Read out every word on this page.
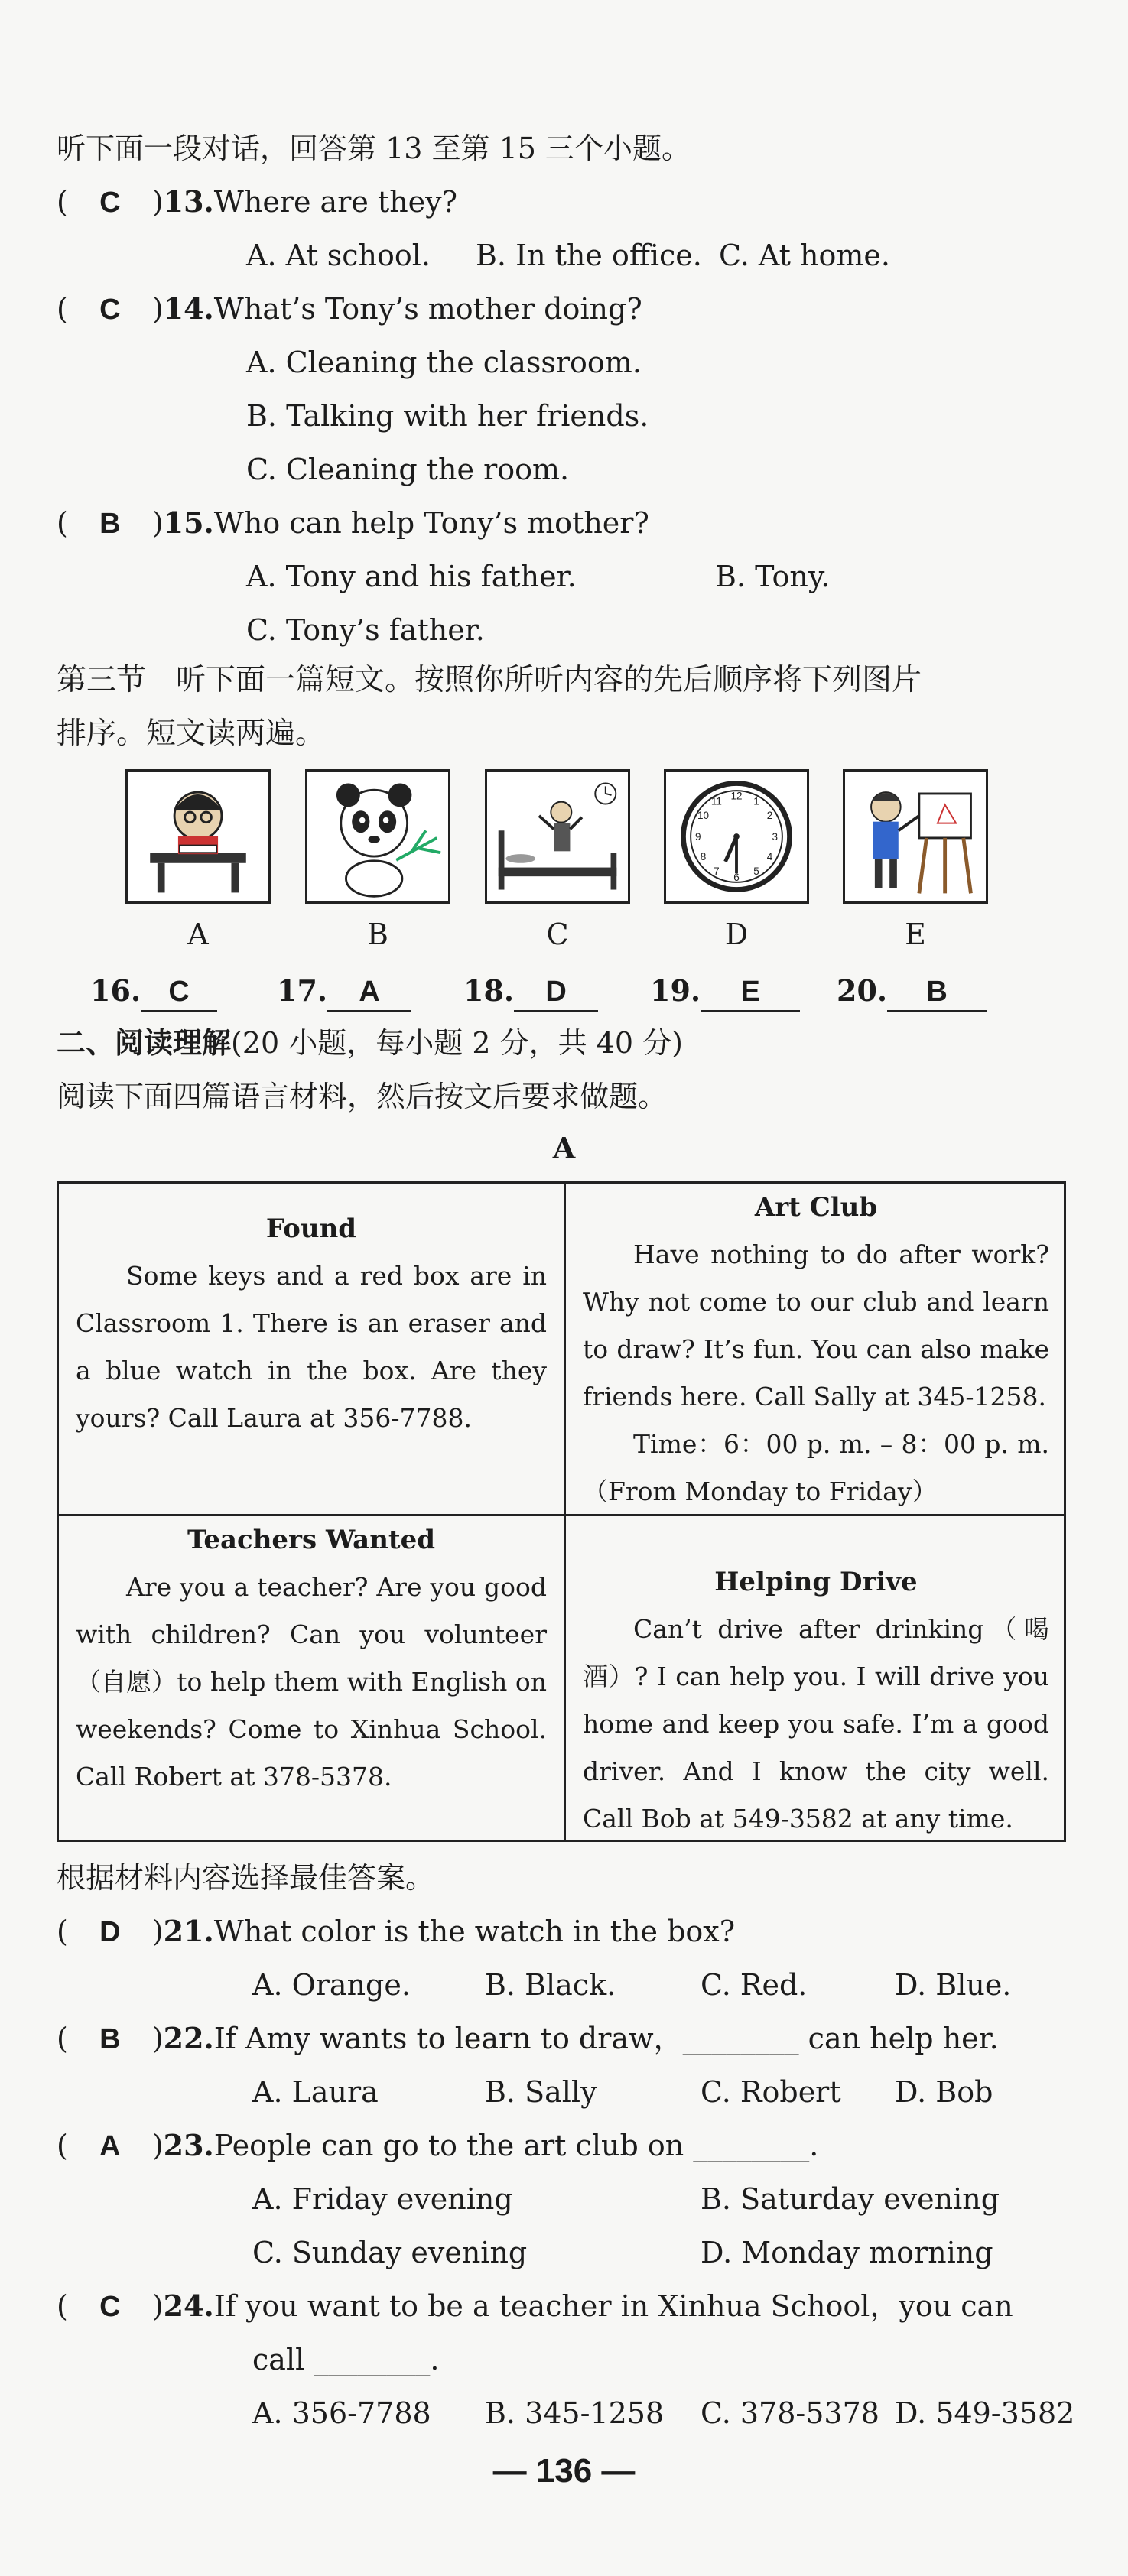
听下面一段对话，回答第 13 至第 15 三个小题。
( C )13.Where are they?
A. At school. B. In the office. C. At home.
( C )14.What’s Tony’s mother doing?
A. Cleaning the classroom.
B. Talking with her friends.
C. Cleaning the room.
( B )15.Who can help Tony’s mother?
A. Tony and his father.	B. Tony.
C. Tony’s father.
第三节　听下面一篇短文。按照你所听内容的先后顺序将下列图片
排序。短文读两遍。
12 1
2
3
4
5
6
7
8
9
10
11
A	B	C	D	E
16. C	17. A	18. D	19. E	20. B
二、阅读理解(20 小题，每小题 2 分，共 40 分)
阅读下面四篇语言材料，然后按文后要求做题。
A
Found

Some keys and a red box are in Classroom 1. There is an eraser and a blue watch in the box. Are they yours? Call Laura at 356-7788.

Art Club

Have nothing to do after work? Why not come to our club and learn to draw? It’s fun. You can also make friends here. Call Sally at 345-1258.

Time：6：00 p. m. – 8：00 p. m.（From Monday to Friday）

Teachers Wanted

Are you a teacher? Are you good with children? Can you volunteer（自愿）to help them with English on weekends? Come to Xinhua School. Call Robert at 378-5378.

Helping Drive

Can’t drive after drinking（喝酒）? I can help you. I will drive you home and keep you safe. I’m a good driver. And I know the city well. Call Bob at 549-3582 at any time.

根据材料内容选择最佳答案。
( D )21.What color is the watch in the box?
A. Orange.	B. Black.	C. Red.	D. Blue.
( B )22.If Amy wants to learn to draw，________ can help her.
A. Laura	B. Sally	C. Robert D. Bob
( A )23.People can go to the art club on ________.
A. Friday evening	B. Saturday evening
C. Sunday evening	D. Monday morning
( C )24.If you want to be a teacher in Xinhua School，you can
call ________.
A. 356-7788 B. 345-1258 C. 378-5378 D. 549-3582
— 136 —
